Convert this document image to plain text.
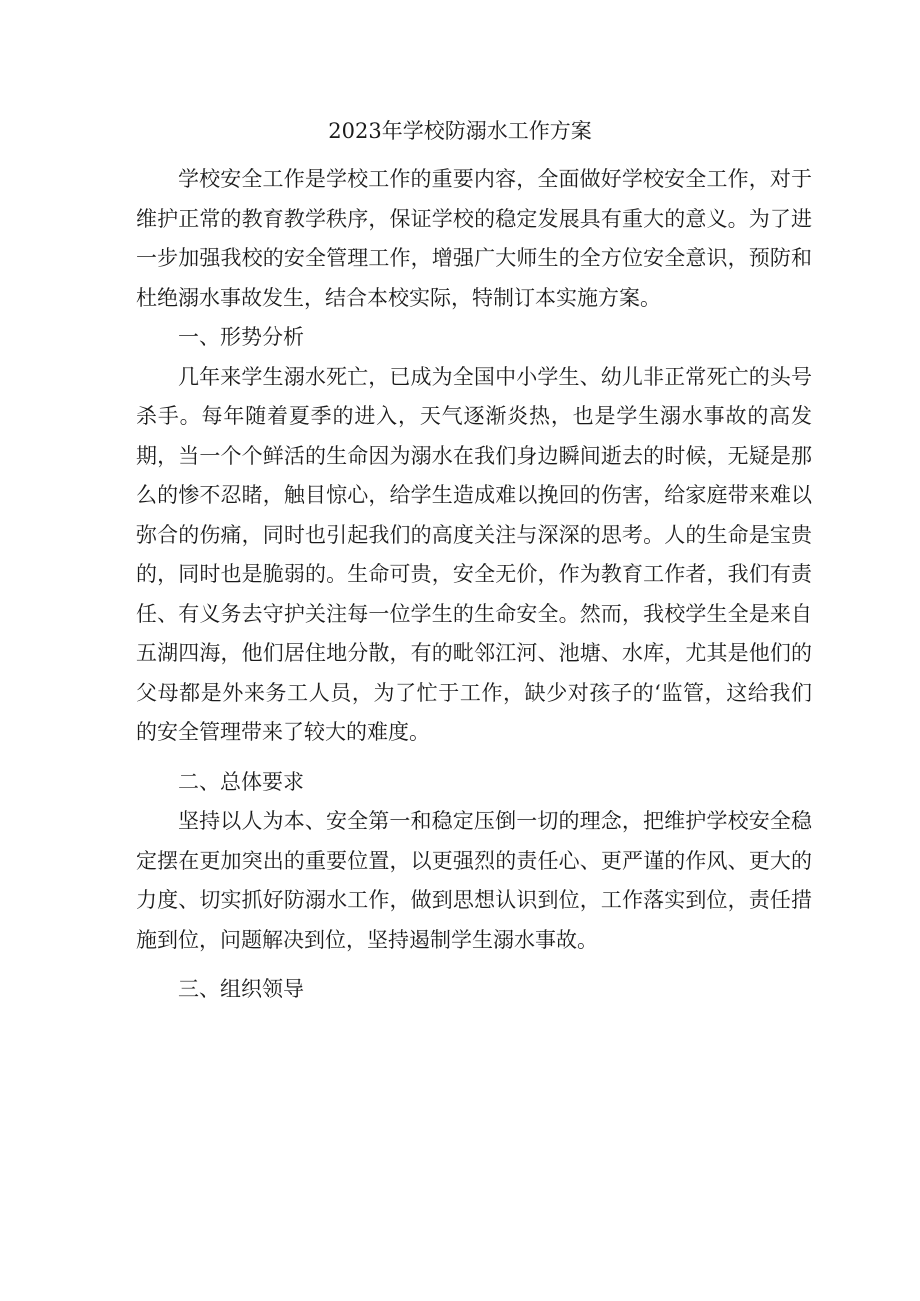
2023年学校防溺水工作方案

学校安全工作是学校工作的重要内容，全面做好学校安全工作，对于维护正常的教育教学秩序，保证学校的稳定发展具有重大的意义。为了进一步加强我校的安全管理工作，增强广大师生的全方位安全意识，预防和杜绝溺水事故发生，结合本校实际，特制订本实施方案。

一、形势分析

几年来学生溺水死亡，已成为全国中小学生、幼儿非正常死亡的头号杀手。每年随着夏季的进入，天气逐渐炎热，也是学生溺水事故的高发期，当一个个鲜活的生命因为溺水在我们身边瞬间逝去的时候，无疑是那么的惨不忍睹，触目惊心，给学生造成难以挽回的伤害，给家庭带来难以弥合的伤痛，同时也引起我们的高度关注与深深的思考。人的生命是宝贵的，同时也是脆弱的。生命可贵，安全无价，作为教育工作者，我们有责任、有义务去守护关注每一位学生的生命安全。然而，我校学生全是来自五湖四海，他们居住地分散，有的毗邻江河、池塘、水库，尤其是他们的父母都是外来务工人员，为了忙于工作，缺少对孩子的‘监管，这给我们的安全管理带来了较大的难度。

二、总体要求

坚持以人为本、安全第一和稳定压倒一切的理念，把维护学校安全稳定摆在更加突出的重要位置，以更强烈的责任心、更严谨的作风、更大的力度、切实抓好防溺水工作，做到思想认识到位，工作落实到位，责任措施到位，问题解决到位，坚持遏制学生溺水事故。

三、组织领导
